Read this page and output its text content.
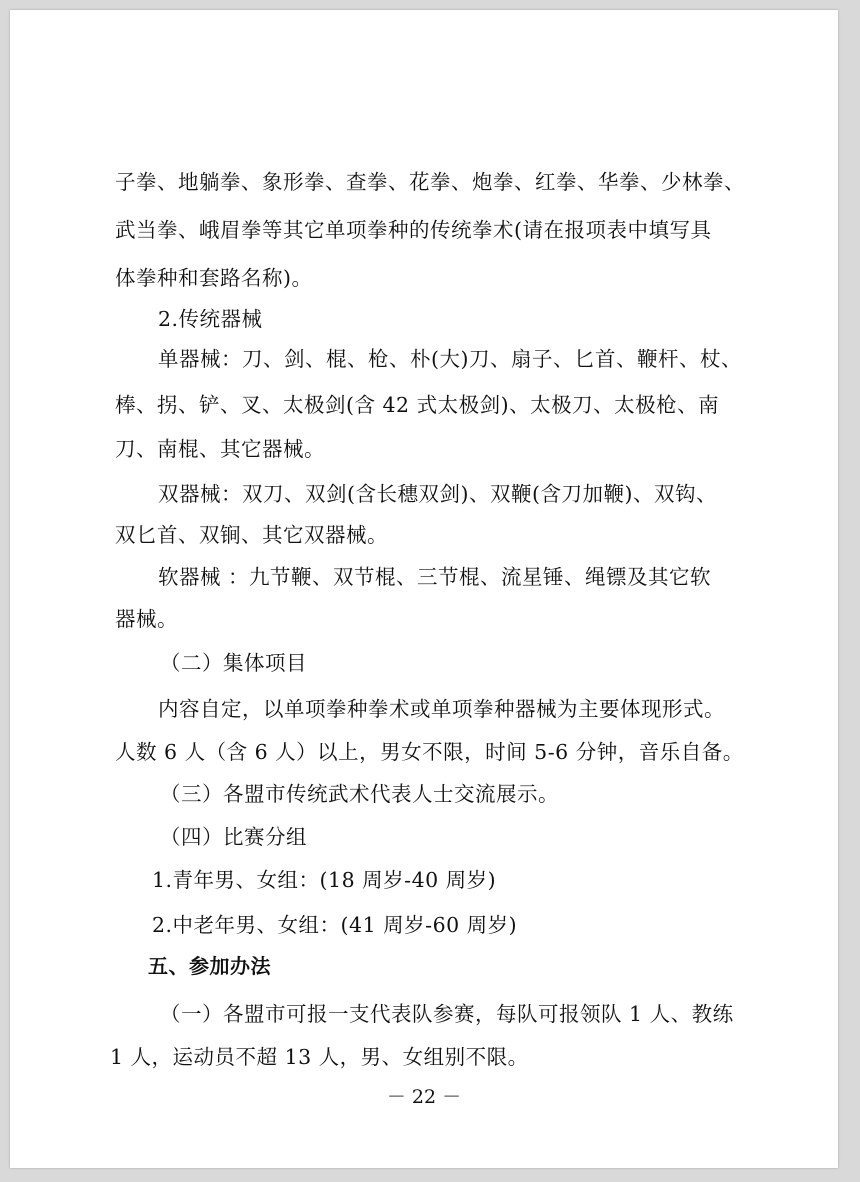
子拳、地躺拳、象形拳、查拳、花拳、炮拳、红拳、华拳、少林拳、
武当拳、峨眉拳等其它单项拳种的传统拳术(请在报项表中填写具
体拳种和套路名称)。
2.传统器械
单器械：刀、剑、棍、枪、朴(大)刀、扇子、匕首、鞭杆、杖、
棒、拐、铲、叉、太极剑(含 42 式太极剑)、太极刀、太极枪、南
刀、南棍、其它器械。
双器械：双刀、双剑(含长穗双剑)、双鞭(含刀加鞭)、双钩、
双匕首、双锏、其它双器械。
软器械 ：九节鞭、双节棍、三节棍、流星锤、绳镖及其它软
器械。
（二）集体项目
内容自定，以单项拳种拳术或单项拳种器械为主要体现形式。
人数 6 人（含 6 人）以上，男女不限，时间 5-6 分钟，音乐自备。
（三）各盟市传统武术代表人士交流展示。
（四）比赛分组
1.青年男、女组：(18 周岁-40 周岁)
2.中老年男、女组：(41 周岁-60 周岁)
五、参加办法
（一）各盟市可报一支代表队参赛，每队可报领队 1 人、教练
1 人，运动员不超 13 人，男、女组别不限。
－ 22 －
